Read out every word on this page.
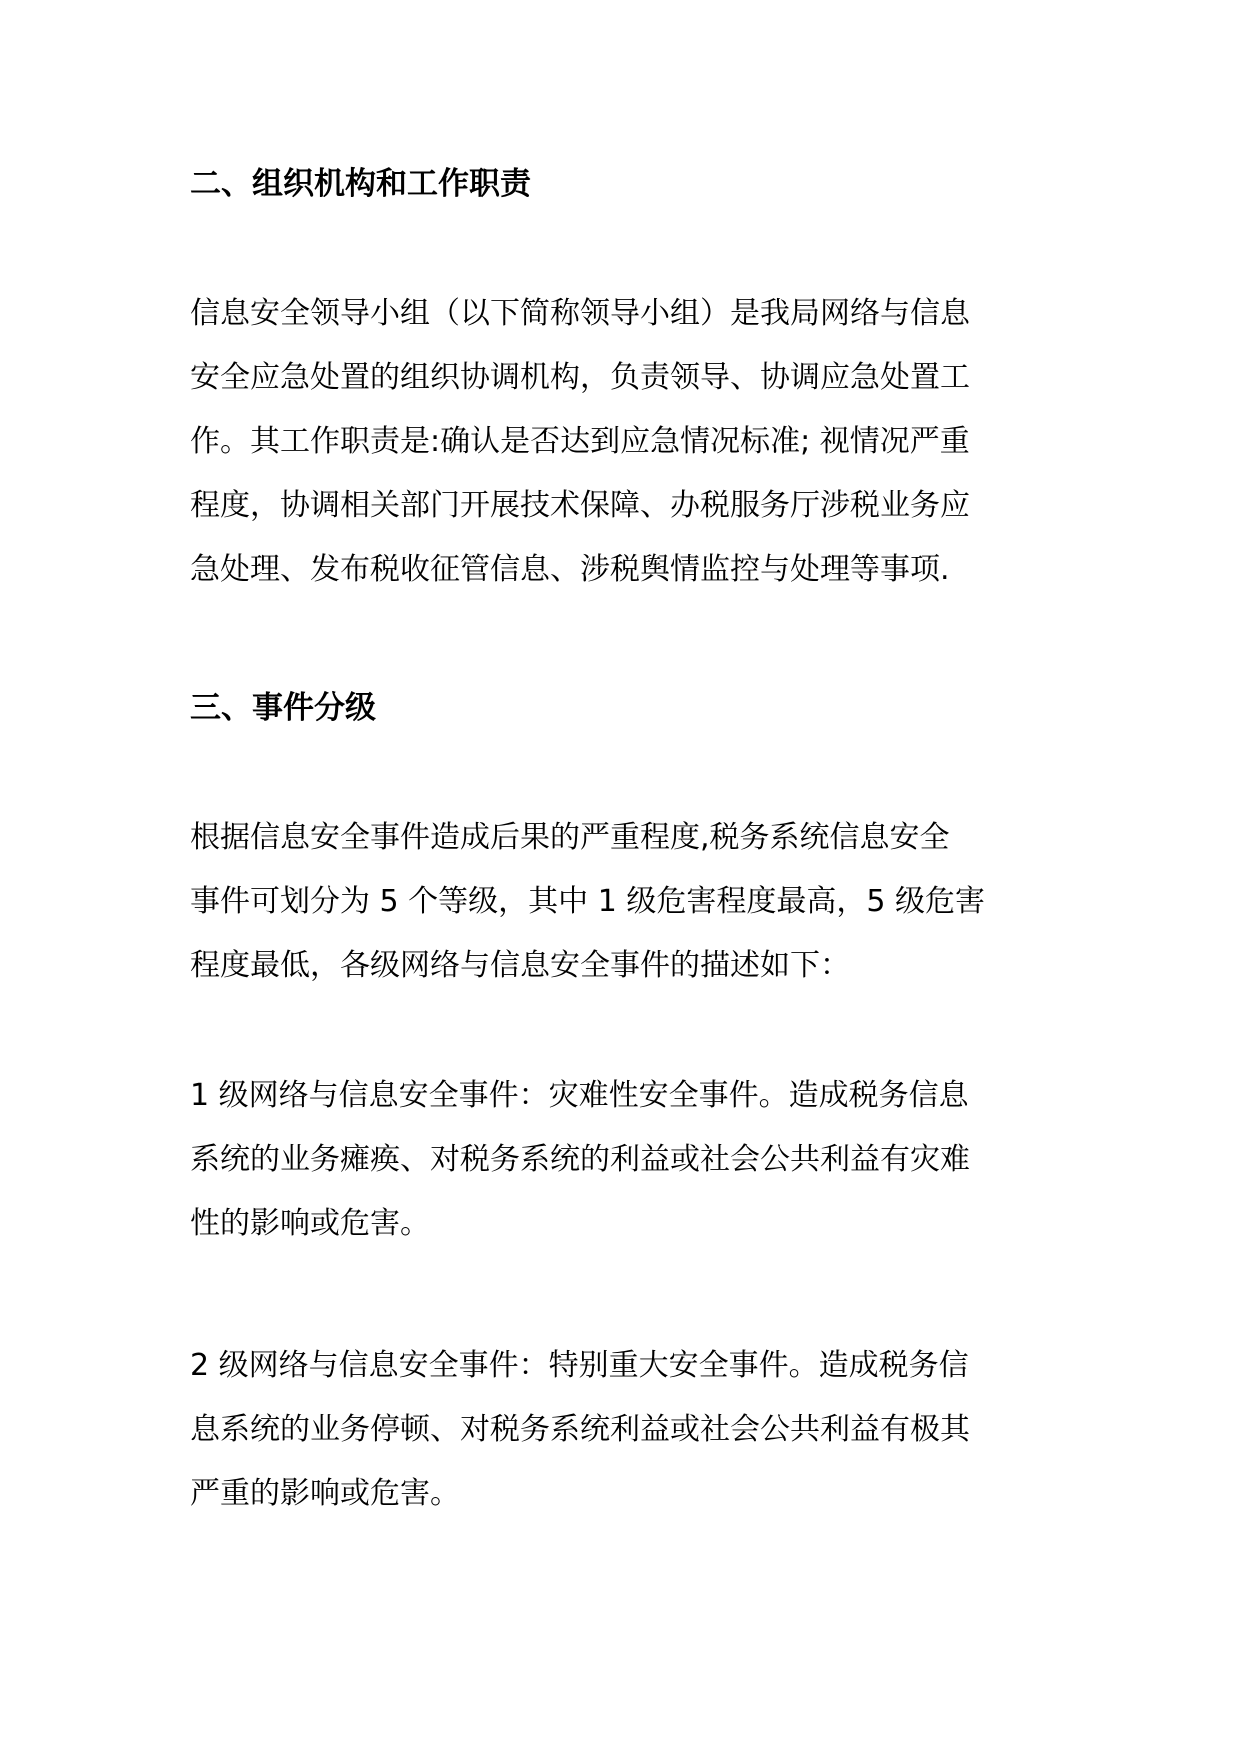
二、组织机构和工作职责

信息安全领导小组（以下简称领导小组）是我局网络与信息
安全应急处置的组织协调机构，负责领导、协调应急处置工
作。其工作职责是:确认是否达到应急情况标准; 视情况严重
程度，协调相关部门开展技术保障、办税服务厅涉税业务应
急处理、发布税收征管信息、涉税舆情监控与处理等事项.

三、事件分级

根据信息安全事件造成后果的严重程度,税务系统信息安全
事件可划分为 5 个等级，其中 1 级危害程度最高，5 级危害
程度最低，各级网络与信息安全事件的描述如下：

1 级网络与信息安全事件：灾难性安全事件。造成税务信息
系统的业务瘫痪、对税务系统的利益或社会公共利益有灾难
性的影响或危害。

2 级网络与信息安全事件：特别重大安全事件。造成税务信
息系统的业务停顿、对税务系统利益或社会公共利益有极其
严重的影响或危害。
